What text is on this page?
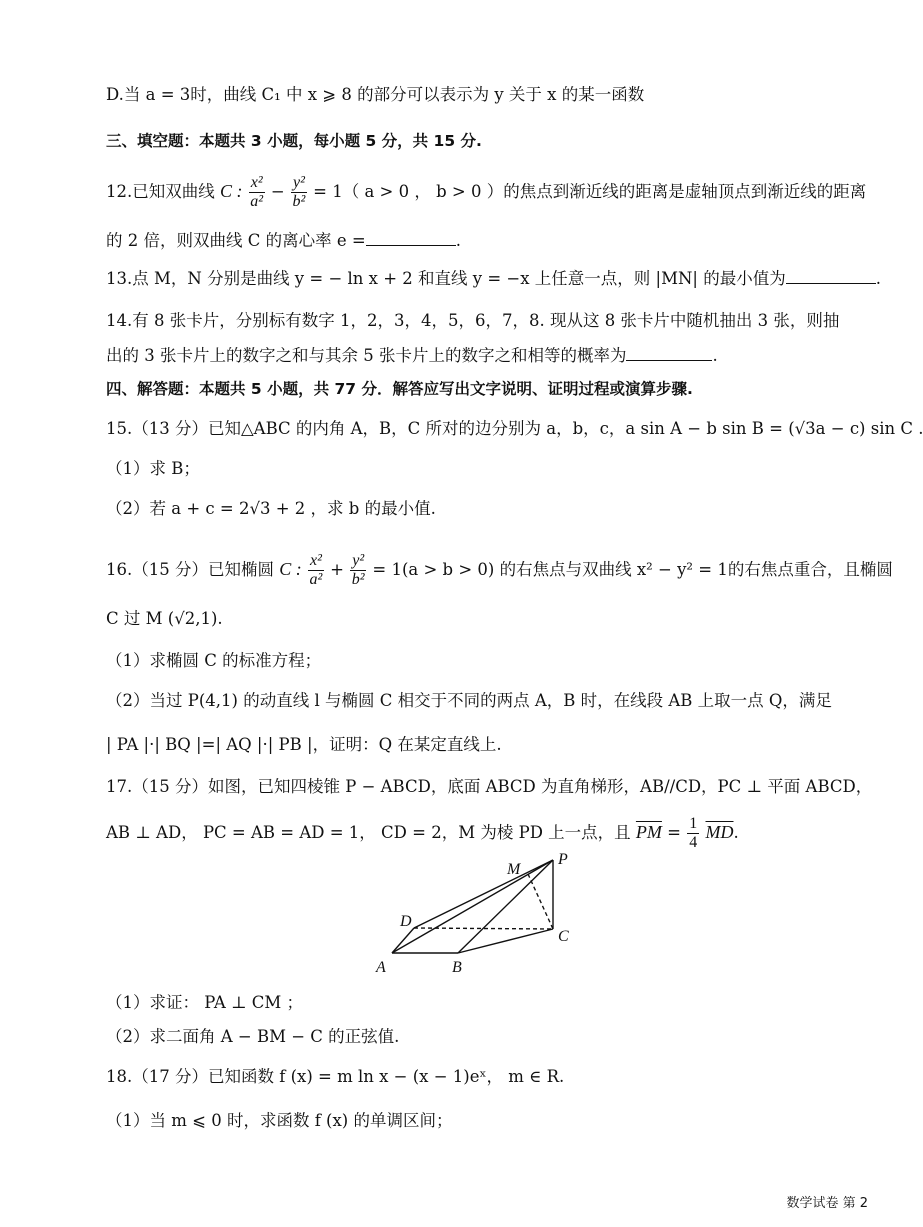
D.当 a = 3时，曲线 C₁ 中 x ⩾ 8 的部分可以表示为 y 关于 x 的某一函数
三、填空题：本题共 3 小题，每小题 5 分，共 15 分.
12.已知双曲线 C : $\frac{\text{x²}}{\text{a²}} - \frac{\text{y²}}{\text{b²}} = 1$（ a > 0 ， b > 0 ）的焦点到渐近线的距离是虚轴顶点到渐近线的距离
的 2 倍，则双曲线 C 的离心率 e =	.
13.点 M，N 分别是曲线 y = − ln x + 2 和直线 y = −x 上任意一点，则 |MN| 的最小值为	.
14.有 8 张卡片，分别标有数字 1，2，3，4，5，6，7，8. 现从这 8 张卡片中随机抽出 3 张，则抽
出的 3 张卡片上的数字之和与其余 5 张卡片上的数字之和相等的概率为	.
四、解答题：本题共 5 小题，共 77 分．解答应写出文字说明、证明过程或演算步骤.
15.（13 分）已知△ABC 的内角 A，B，C 所对的边分别为 a，b，c，a sin A − b sin B = (√3a − c) sin C .
（1）求 B；
（2）若 a + c = 2√3 + 2 ，求 b 的最小值.
16.（15 分）已知椭圆 C : $\frac{\text{x²}}{\text{a²}} + \frac{\text{y²}}{\text{b²}} = 1(a > b > 0)$ 的右焦点与双曲线 x² − y² = 1的右焦点重合，且椭圆
C 过 M (√2,1).
（1）求椭圆 C 的标准方程；
（2）当过 P(4,1) 的动直线 l 与椭圆 C 相交于不同的两点 A，B 时，在线段 AB 上取一点 Q，满足
| PA |·| BQ |=| AQ |·| PB |，证明：Q 在某定直线上.
17.（15 分）如图，已知四棱锥 P − ABCD，底面 ABCD 为直角梯形，AB//CD，PC ⊥ 平面 ABCD，
AB ⊥ AD， PC = AB = AD = 1， CD = 2，M 为棱 PD 上一点，且 $\overline{PM} = \frac{1}{4} \overline{MD}$.
P
M
D
C
A	B
（1）求证： PA ⊥ CM ；
（2）求二面角 A − BM − C 的正弦值.
18.（17 分）已知函数 f (x) = m ln x − (x − 1)eˣ， m ∈ R.
（1）当 m ⩽ 0 时，求函数 f (x) 的单调区间；
数学试卷 第 2
